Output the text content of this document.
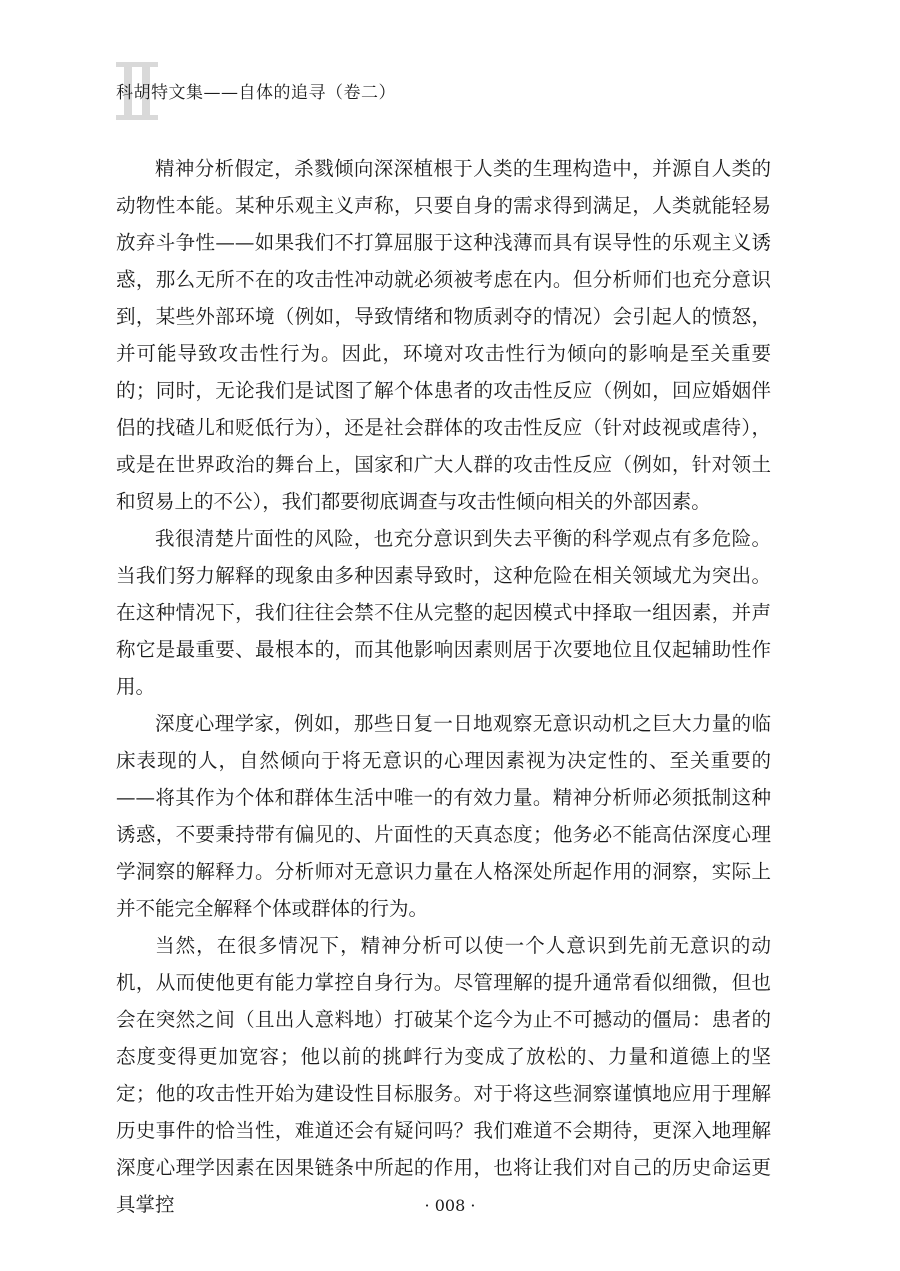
科胡特文集——自体的追寻（卷二）

精神分析假定，杀戮倾向深深植根于人类的生理构造中，并源自人类的动物性本能。某种乐观主义声称，只要自身的需求得到满足，人类就能轻易放弃斗争性——如果我们不打算屈服于这种浅薄而具有误导性的乐观主义诱惑，那么无所不在的攻击性冲动就必须被考虑在内。但分析师们也充分意识到，某些外部环境（例如，导致情绪和物质剥夺的情况）会引起人的愤怒，并可能导致攻击性行为。因此，环境对攻击性行为倾向的影响是至关重要的；同时，无论我们是试图了解个体患者的攻击性反应（例如，回应婚姻伴侣的找碴儿和贬低行为），还是社会群体的攻击性反应（针对歧视或虐待），或是在世界政治的舞台上，国家和广大人群的攻击性反应（例如，针对领土和贸易上的不公），我们都要彻底调查与攻击性倾向相关的外部因素。

我很清楚片面性的风险，也充分意识到失去平衡的科学观点有多危险。当我们努力解释的现象由多种因素导致时，这种危险在相关领域尤为突出。在这种情况下，我们往往会禁不住从完整的起因模式中择取一组因素，并声称它是最重要、最根本的，而其他影响因素则居于次要地位且仅起辅助性作用。

深度心理学家，例如，那些日复一日地观察无意识动机之巨大力量的临床表现的人，自然倾向于将无意识的心理因素视为决定性的、至关重要的——将其作为个体和群体生活中唯一的有效力量。精神分析师必须抵制这种诱惑，不要秉持带有偏见的、片面性的天真态度；他务必不能高估深度心理学洞察的解释力。分析师对无意识力量在人格深处所起作用的洞察，实际上并不能完全解释个体或群体的行为。

当然，在很多情况下，精神分析可以使一个人意识到先前无意识的动机，从而使他更有能力掌控自身行为。尽管理解的提升通常看似细微，但也会在突然之间（且出人意料地）打破某个迄今为止不可撼动的僵局：患者的态度变得更加宽容；他以前的挑衅行为变成了放松的、力量和道德上的坚定；他的攻击性开始为建设性目标服务。对于将这些洞察谨慎地应用于理解历史事件的恰当性，难道还会有疑问吗？我们难道不会期待，更深入地理解深度心理学因素在因果链条中所起的作用，也将让我们对自己的历史命运更具掌控	· 008 ·
